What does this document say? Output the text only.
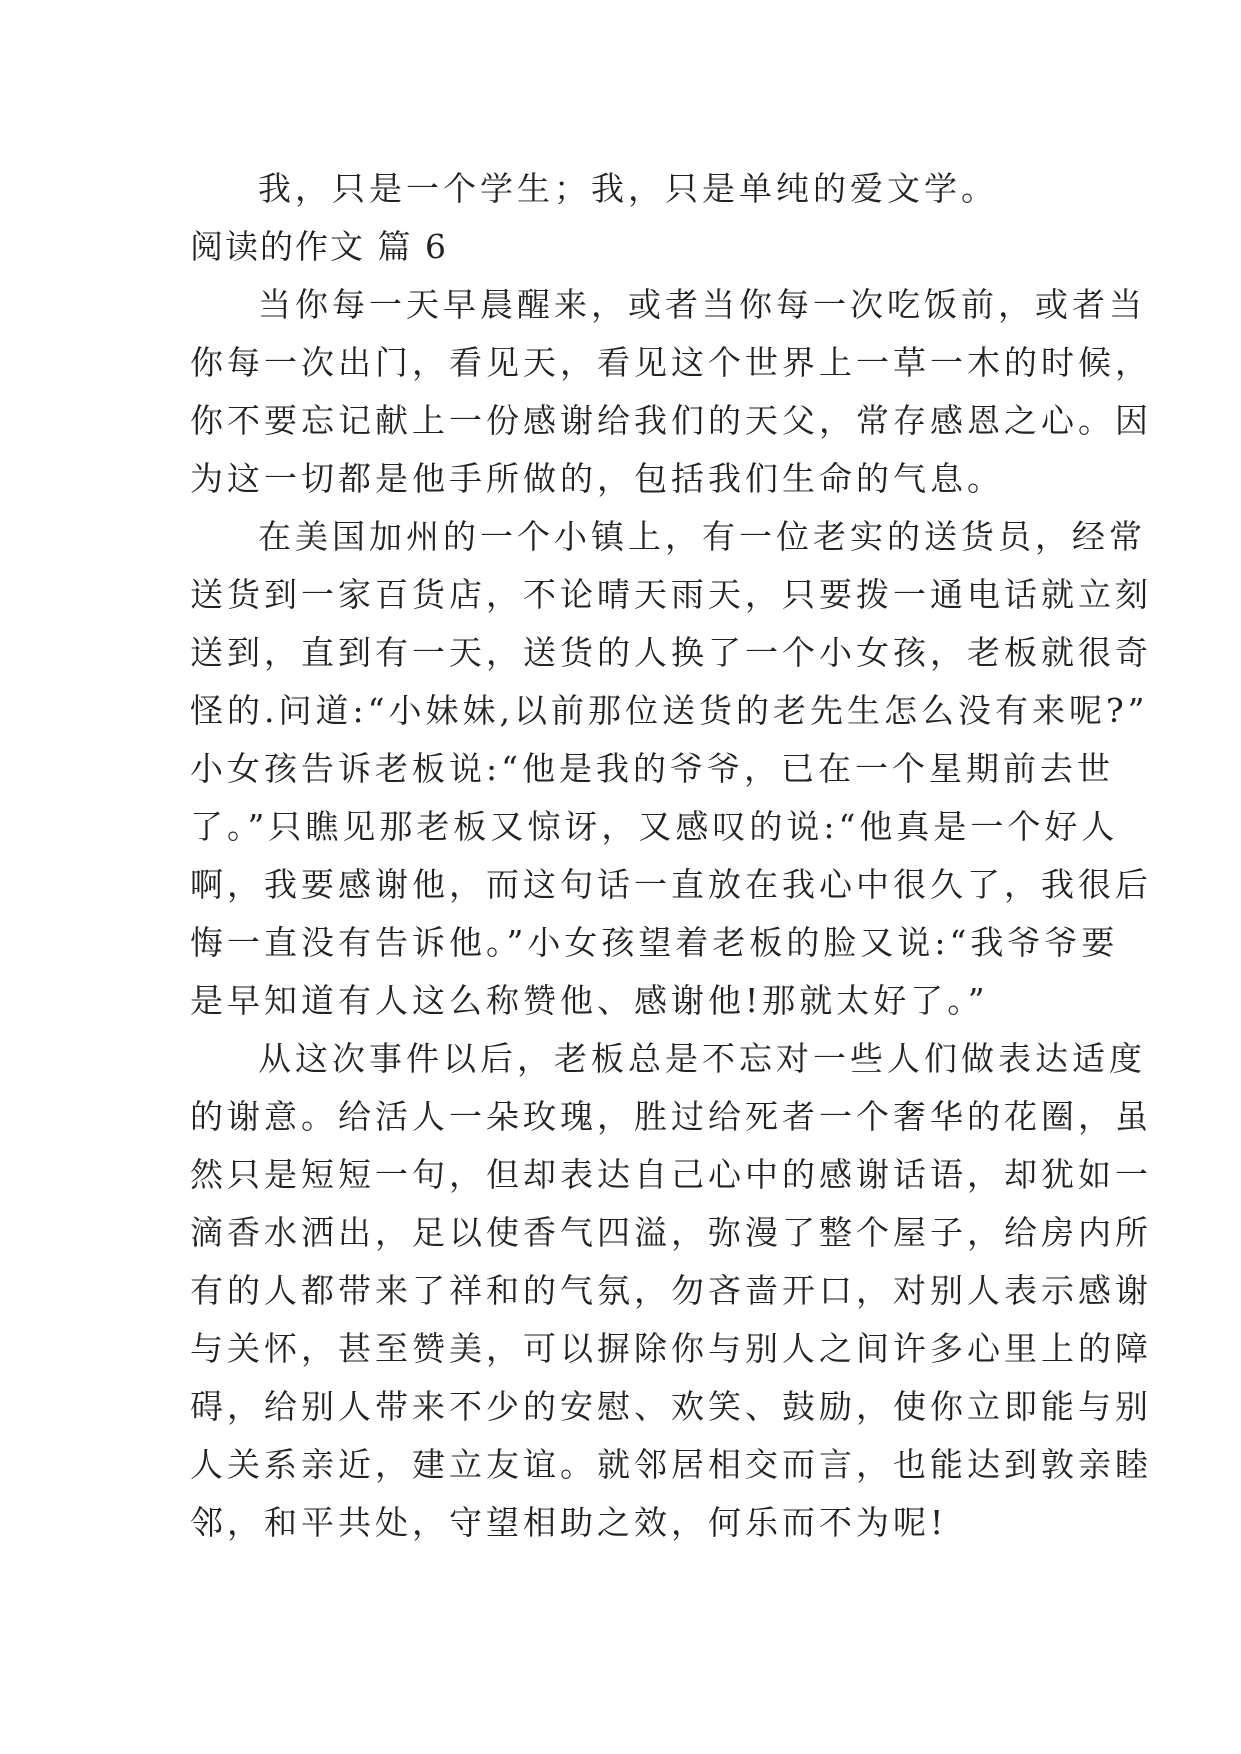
我，只是一个学生；我，只是单纯的爱文学。
阅读的作文 篇 6
当你每一天早晨醒来，或者当你每一次吃饭前，或者当
你每一次出门，看见天，看见这个世界上一草一木的时候，
你不要忘记献上一份感谢给我们的天父，常存感恩之心。因
为这一切都是他手所做的，包括我们生命的气息。
在美国加州的一个小镇上，有一位老实的送货员，经常
送货到一家百货店，不论晴天雨天，只要拨一通电话就立刻
送到，直到有一天，送货的人换了一个小女孩，老板就很奇
怪的.问道:“小妹妹,以前那位送货的老先生怎么没有来呢?”
小女孩告诉老板说:“他是我的爷爷，已在一个星期前去世
了。”只瞧见那老板又惊讶，又感叹的说:“他真是一个好人
啊，我要感谢他，而这句话一直放在我心中很久了，我很后
悔一直没有告诉他。”小女孩望着老板的脸又说:“我爷爷要
是早知道有人这么称赞他、感谢他!那就太好了。”
从这次事件以后，老板总是不忘对一些人们做表达适度
的谢意。给活人一朵玫瑰，胜过给死者一个奢华的花圈，虽
然只是短短一句，但却表达自己心中的感谢话语，却犹如一
滴香水洒出，足以使香气四溢，弥漫了整个屋子，给房内所
有的人都带来了祥和的气氛，勿吝啬开口，对别人表示感谢
与关怀，甚至赞美，可以摒除你与别人之间许多心里上的障
碍，给别人带来不少的安慰、欢笑、鼓励，使你立即能与别
人关系亲近，建立友谊。就邻居相交而言，也能达到敦亲睦
邻，和平共处，守望相助之效，何乐而不为呢!
